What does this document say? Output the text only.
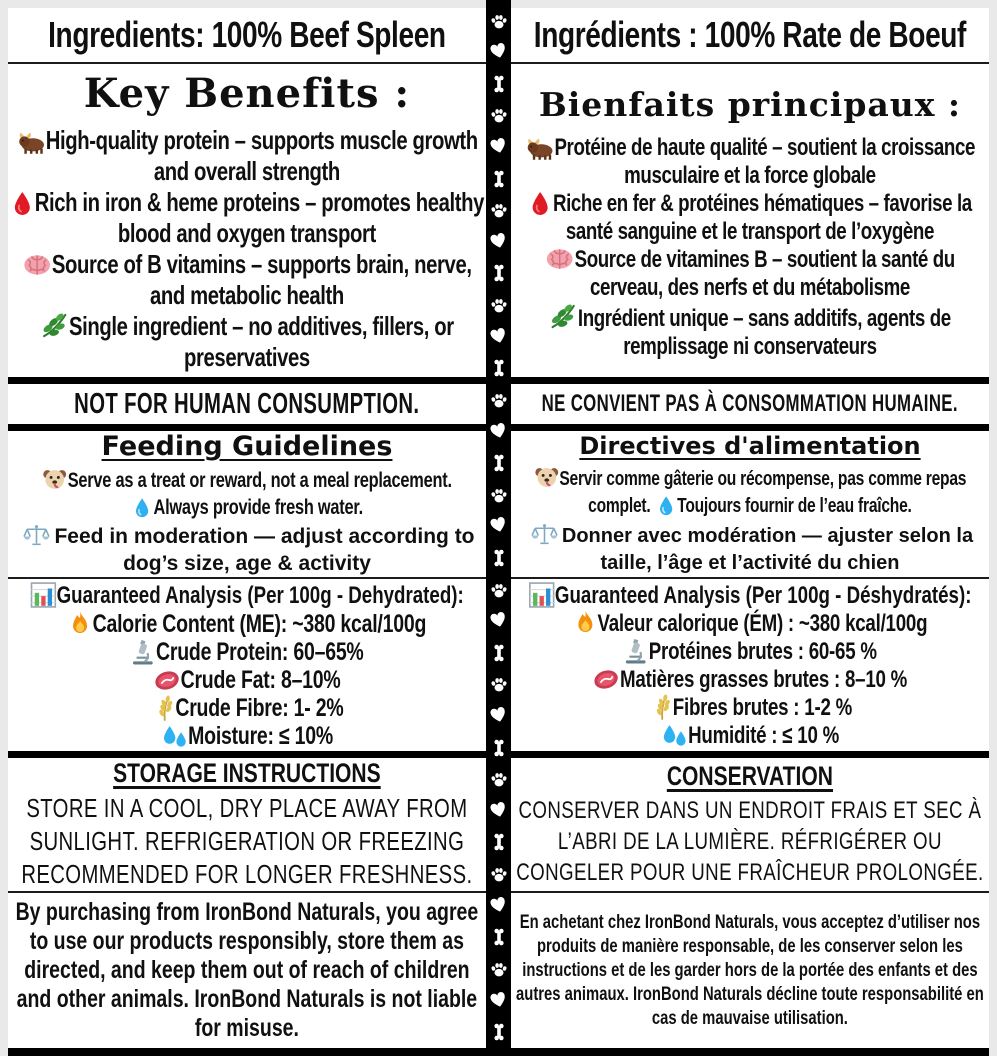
Ingredients: 100% Beef Spleen
Key Benefits :
High-quality protein – supports muscle growth and overall strength
Rich in iron & heme proteins – promotes healthy blood and oxygen transport
Source of B vitamins – supports brain, nerve, and metabolic health
Single ingredient – no additives, fillers, or preservatives
NOT FOR HUMAN CONSUMPTION.
Feeding Guidelines
Serve as a treat or reward, not a meal replacement.
Always provide fresh water.
Feed in moderation — adjust according to dog’s size, age & activity
Guaranteed Analysis (Per 100g - Dehydrated):
Calorie Content (ME): ~380 kcal/100g
Crude Protein: 60–65%
Crude Fat: 8–10%
Crude Fibre: 1- 2%
Moisture: ≤ 10%
STORAGE INSTRUCTIONS
STORE IN A COOL, DRY PLACE AWAY FROM SUNLIGHT. REFRIGERATION OR FREEZING RECOMMENDED FOR LONGER FRESHNESS.
By purchasing from IronBond Naturals, you agree to use our products responsibly, store them as directed, and keep them out of reach of children and other animals. IronBond Naturals is not liable for misuse.
Ingrédients : 100% Rate de Boeuf
Bienfaits principaux :
Protéine de haute qualité – soutient la croissance musculaire et la force globale
Riche en fer & protéines hématiques – favorise la santé sanguine et le transport de l’oxygène
Source de vitamines B – soutient la santé du cerveau, des nerfs et du métabolisme
Ingrédient unique – sans additifs, agents de remplissage ni conservateurs
NE CONVIENT PAS À CONSOMMATION HUMAINE.
Directives d'alimentation
Servir comme gâterie ou récompense, pas comme repas complet. Toujours fournir de l’eau fraîche.
Donner avec modération — ajuster selon la taille, l’âge et l’activité du chien
Guaranteed Analysis (Per 100g - Déshydratés):
Valeur calorique (ÉM) : ~380 kcal/100g
Protéines brutes : 60-65 %
Matières grasses brutes : 8–10 %
Fibres brutes : 1-2 %
Humidité : ≤ 10 %
CONSERVATION
CONSERVER DANS UN ENDROIT FRAIS ET SEC À L’ABRI DE LA LUMIÈRE. RÉFRIGÉRER OU CONGELER POUR UNE FRAÎCHEUR PROLONGÉE.
En achetant chez IronBond Naturals, vous acceptez d’utiliser nos produits de manière responsable, de les conserver selon les instructions et de les garder hors de la portée des enfants et des autres animaux. IronBond Naturals décline toute responsabilité en cas de mauvaise utilisation.
